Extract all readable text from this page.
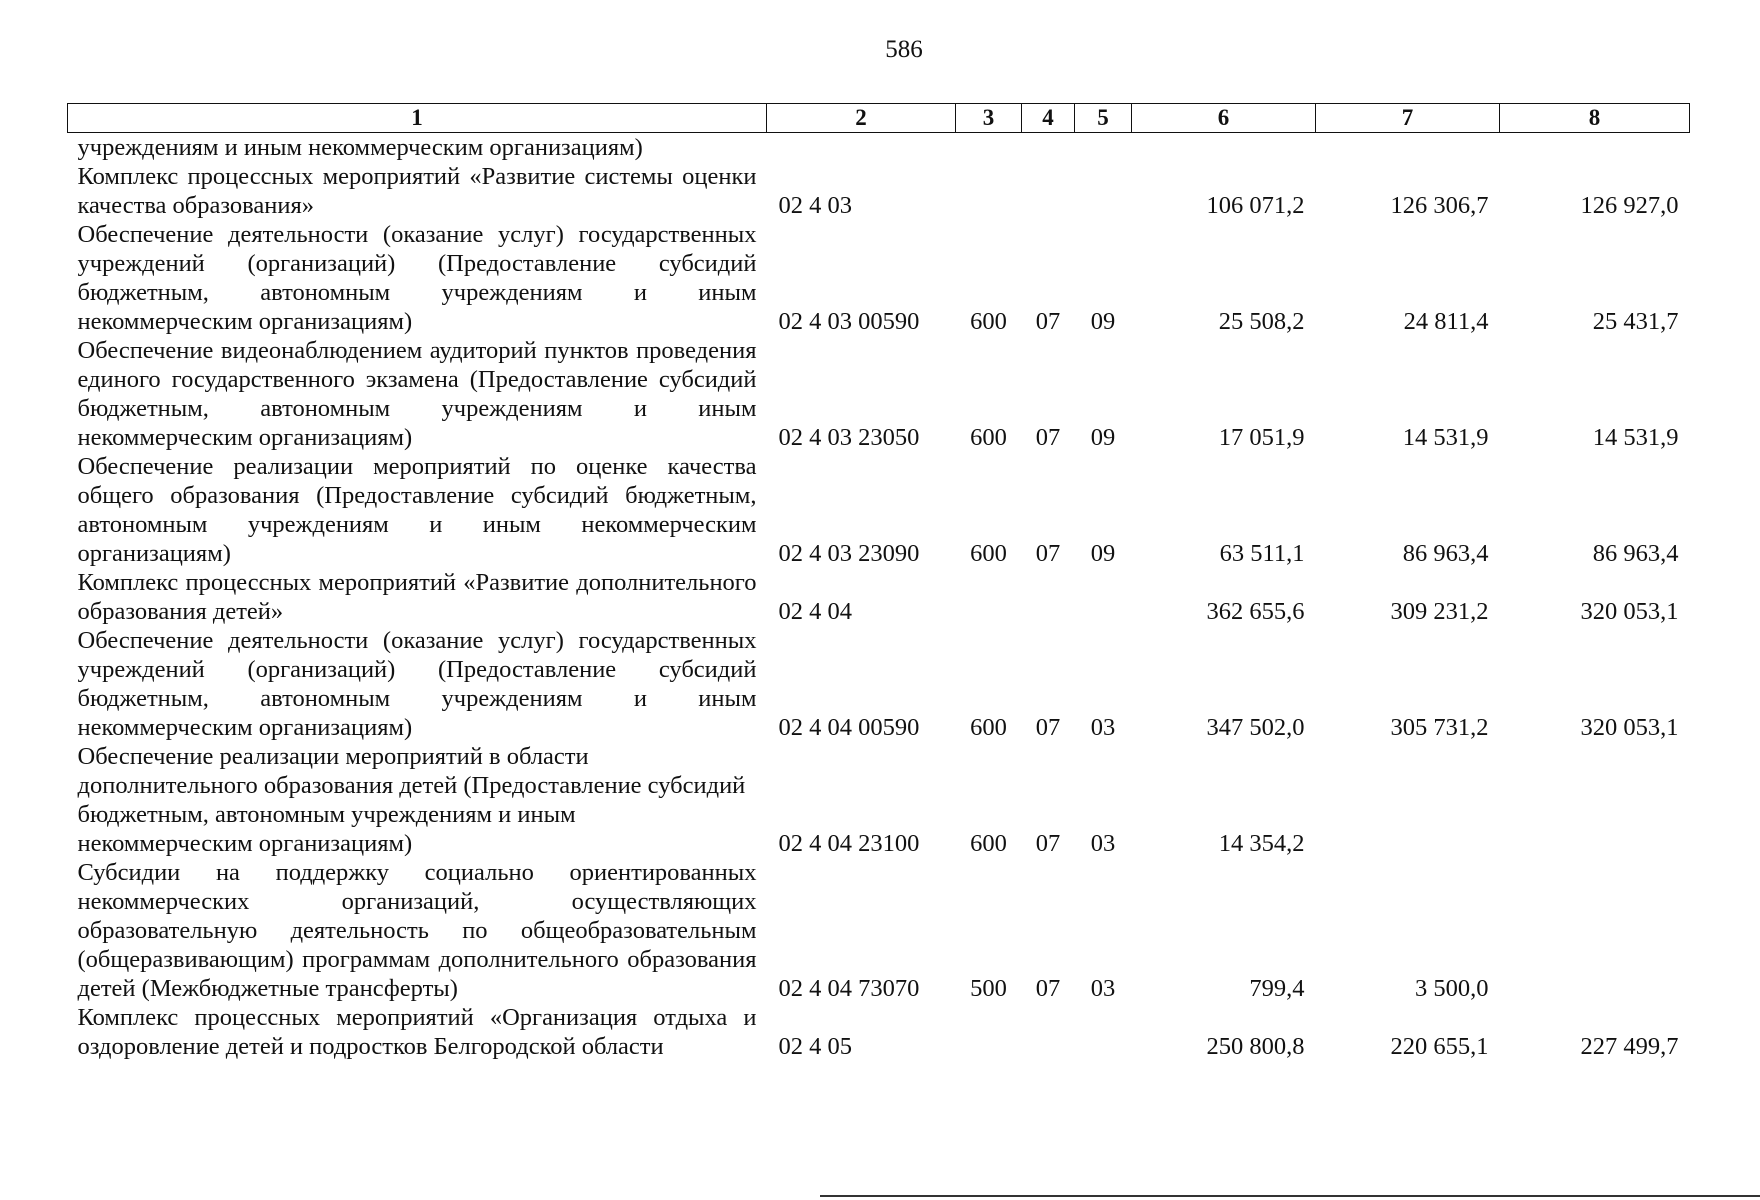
586
1	2	3	4	5	6	7	8
учреждениям и иным некоммерческим организациям)							
Комплекс процессных мероприятий «Развитие системы оценки качества образования»	02 4 03				106 071,2	126 306,7	126 927,0
Обеспечение деятельности (оказание услуг) государственных учреждений (организаций) (Предоставление субсидий бюджетным, автономным учреждениям и иным некоммерческим организациям)	02 4 03 00590	600	07	09	25 508,2	24 811,4	25 431,7
Обеспечение видеонаблюдением аудиторий пунктов проведения единого государственного экзамена (Предоставление субсидий бюджетным, автономным учреждениям и иным некоммерческим организациям)	02 4 03 23050	600	07	09	17 051,9	14 531,9	14 531,9
Обеспечение реализации мероприятий по оценке качества общего образования (Предоставление субсидий бюджетным, автономным учреждениям и иным некоммерческим организациям)	02 4 03 23090	600	07	09	63 511,1	86 963,4	86 963,4
Комплекс процессных мероприятий «Развитие дополнительного образования детей»	02 4 04				362 655,6	309 231,2	320 053,1
Обеспечение деятельности (оказание услуг) государственных учреждений (организаций) (Предоставление субсидий бюджетным, автономным учреждениям и иным некоммерческим организациям)	02 4 04 00590	600	07	03	347 502,0	305 731,2	320 053,1
Обеспечение реализации мероприятий в области дополнительного образования детей (Предоставление субсидий бюджетным, автономным учреждениям и иным некоммерческим организациям)	02 4 04 23100	600	07	03	14 354,2		
Субсидии на поддержку социально ориентированных некоммерческих организаций, осуществляющих образовательную деятельность по общеобразовательным (общеразвивающим) программам дополнительного образования детей (Межбюджетные трансферты)	02 4 04 73070	500	07	03	799,4	3 500,0	
Комплекс процессных мероприятий «Организация отдыха и оздоровление детей и подростков Белгородской области	02 4 05				250 800,8	220 655,1	227 499,7
